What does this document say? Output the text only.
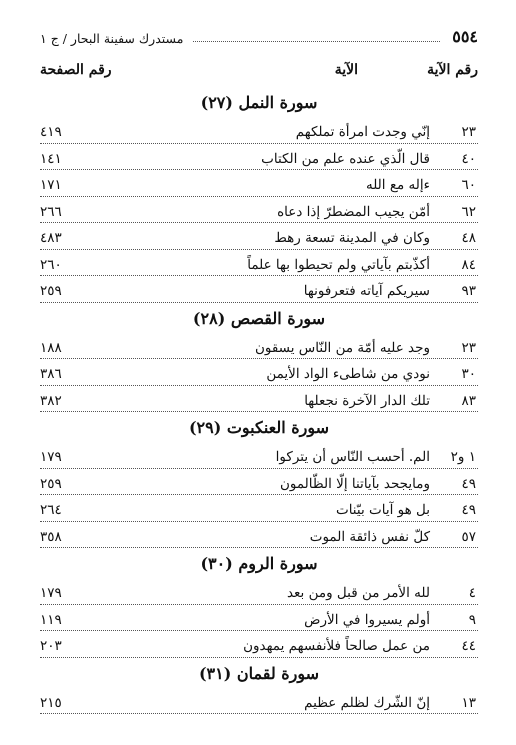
٥٥٤
مستدرك سفينة البحار / ج ١
رقم الآية
الآية
رقم الصفحة
سورة النمل (٢٧)
٢٣
إنّي وجدت امرأة تملكهم
٤١٩
٤٠
قال الّذي عنده علم من الكتاب
١٤١
٦٠
ءإله مع الله
١٧١
٦٢
أمّن يجيب المضطرّ إذا دعاه
٢٦٦
٤٨
وكان في المدينة تسعة رهط
٤٨٣
٨٤
أكذّبتم بآياتي ولم تحيطوا بها علماً
٢٦٠
٩٣
سيريكم آياته فتعرفونها
٢٥٩
سورة القصص (٢٨)
٢٣
وجد عليه أمّة من النّاس يسقون
١٨٨
٣٠
نودي من شاطىء الواد الأيمن
٣٨٦
٨٣
تلك الدار الآخرة نجعلها
٣٨٢
سورة العنكبوت (٢٩)
١ و٢
الم. أحسب النّاس أن يتركوا
١٧٩
٤٩
ومايجحد بآياتنا إلّا الظّالمون
٢٥٩
٤٩
بل هو آيات بيّنات
٢٦٤
٥٧
كلّ نفس ذائقة الموت
٣٥٨
سورة الروم (٣٠)
٤
لله الأمر من قبل ومن بعد
١٧٩
٩
أولم يسيروا في الأرض
١١٩
٤٤
من عمل صالحاً فلأنفسهم يمهدون
٢٠٣
سورة لقمان (٣١)
١٣
إنّ الشّرك لظلم عظيم
٢١٥
